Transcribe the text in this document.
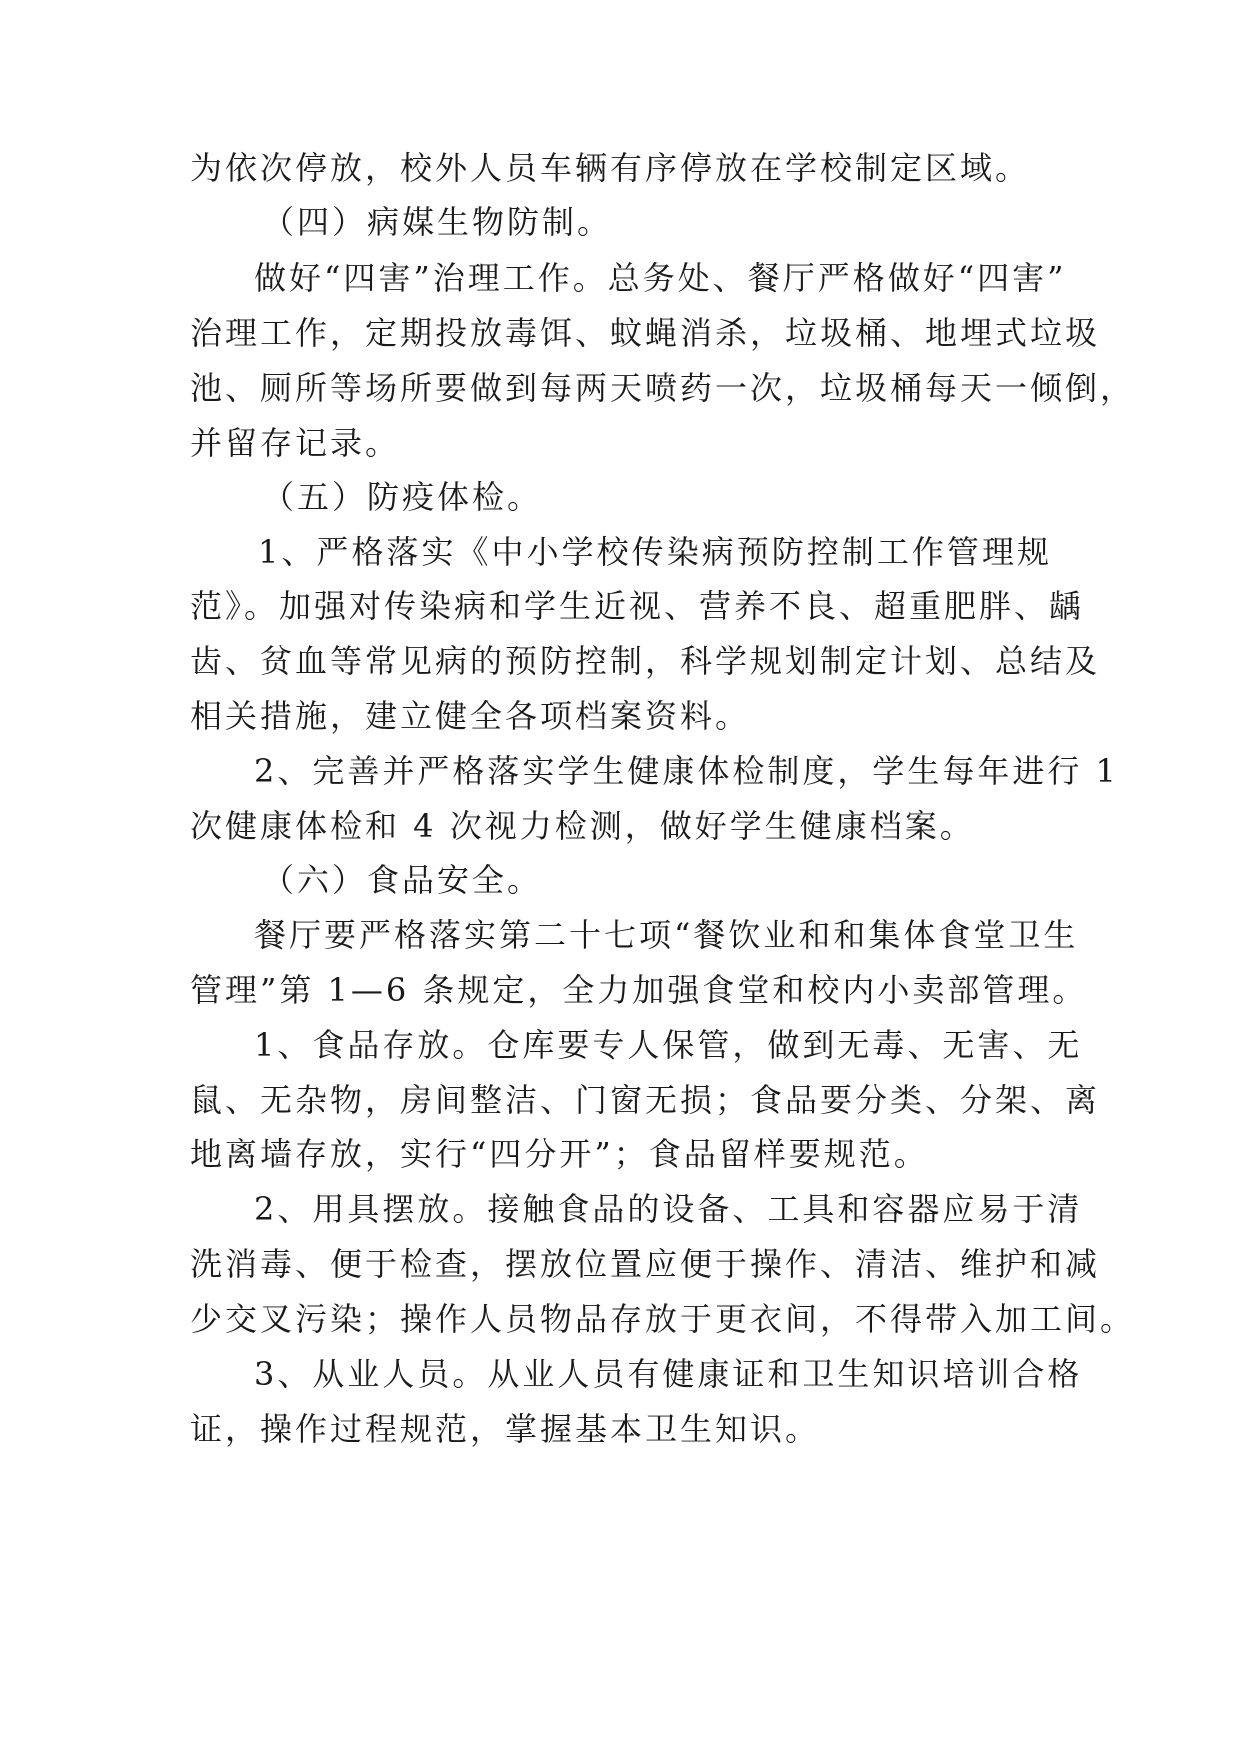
为依次停放，校外人员车辆有序停放在学校制定区域。
（四）病媒生物防制。
做好“四害”治理工作。总务处、餐厅严格做好“四害”
治理工作，定期投放毒饵、蚊蝇消杀，垃圾桶、地埋式垃圾
池、厕所等场所要做到每两天喷药一次，垃圾桶每天一倾倒，
并留存记录。
（五）防疫体检。
1、严格落实《中小学校传染病预防控制工作管理规
范》。加强对传染病和学生近视、营养不良、超重肥胖、龋
齿、贫血等常见病的预防控制，科学规划制定计划、总结及
相关措施，建立健全各项档案资料。
2、完善并严格落实学生健康体检制度，学生每年进行 1
次健康体检和 4 次视力检测，做好学生健康档案。
（六）食品安全。
餐厅要严格落实第二十七项“餐饮业和和集体食堂卫生
管理”第 1—6 条规定，全力加强食堂和校内小卖部管理。
1、食品存放。仓库要专人保管，做到无毒、无害、无
鼠、无杂物，房间整洁、门窗无损；食品要分类、分架、离
地离墙存放，实行“四分开”；食品留样要规范。
2、用具摆放。接触食品的设备、工具和容器应易于清
洗消毒、便于检查，摆放位置应便于操作、清洁、维护和减
少交叉污染；操作人员物品存放于更衣间，不得带入加工间。
3、从业人员。从业人员有健康证和卫生知识培训合格
证，操作过程规范，掌握基本卫生知识。
